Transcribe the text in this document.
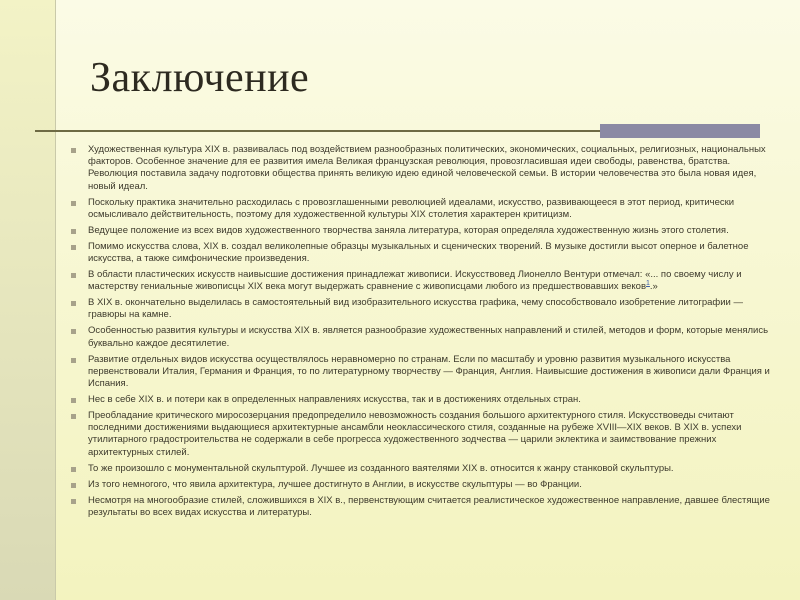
Заключение
Художественная культура XIX в. развивалась под воздействием разнообразных политических, экономических, социальных, религиозных, национальных факторов. Особенное значение для ее развития имела Великая французская революция, провозгласившая идеи свободы, равенства, братства. Революция поставила задачу подготовки общества принять великую идею единой человеческой семьи. В истории человечества это была новая идея, новый идеал.
Поскольку практика значительно расходилась с провозглашенными революцией идеалами, искусство, развивающееся в этот период, критически осмысливало действительность, поэтому для художественной культуры XIX столетия характерен критицизм.
Ведущее положение из всех видов художественного творчества заняла литература, которая определяла художественную жизнь этого столетия.
Помимо искусства слова, XIX в. создал великолепные образцы музыкальных и сценических творений. В музыке достигли высот оперное и балетное искусства, а также симфонические произведения.
В области пластических искусств наивысшие достижения принадлежат живописи. Искусствовед Лионелло Вентури отмечал: «... по своему числу и мастерству гениальные живописцы XIX века могут выдержать сравнение с живописцами любого из предшествовавших веков$^1$.»
В XIX в. окончательно выделилась в самостоятельный вид изобразительного искусства графика, чему способствовало изобретение литографии — гравюры на камне.
Особенностью развития культуры и искусства XIX в. является разнообразие художественных направлений и стилей, методов и форм, которые менялись буквально каждое десятилетие.
Развитие отдельных видов искусства осуществлялось неравномерно по странам. Если по масштабу и уровню развития музыкального искусства первенствовали Италия, Германия и Франция, то по литературному творчеству — Франция, Англия. Наивысшие достижения в живописи дали Франция и Испания.
Нес в себе XIX в. и потери как в определенных направлениях искусства, так и в достижениях отдельных стран.
Преобладание критического миросозерцания предопределило невозможность создания большого архитектурного стиля. Искусствоведы считают последними достижениями выдающиеся архитектурные ансамбли неоклассического стиля, созданные на рубеже XVIII—XIX веков. В XIX в. успехи утилитарного градостроительства не содержали в себе прогресса художественного зодчества — царили эклектика и заимствование прежних архитектурных стилей.
То же произошло с монументальной скульптурой. Лучшее из созданного ваятелями XIX в. относится к жанру станковой скульптуры.
Из того немногого, что явила архитектура, лучшее достигнуто в Англии, в искусстве скульптуры — во Франции.
Несмотря на многообразие стилей, сложившихся в XIX в., первенствующим считается реалистическое художественное направление, давшее блестящие результаты во всех видах искусства и литературы.
